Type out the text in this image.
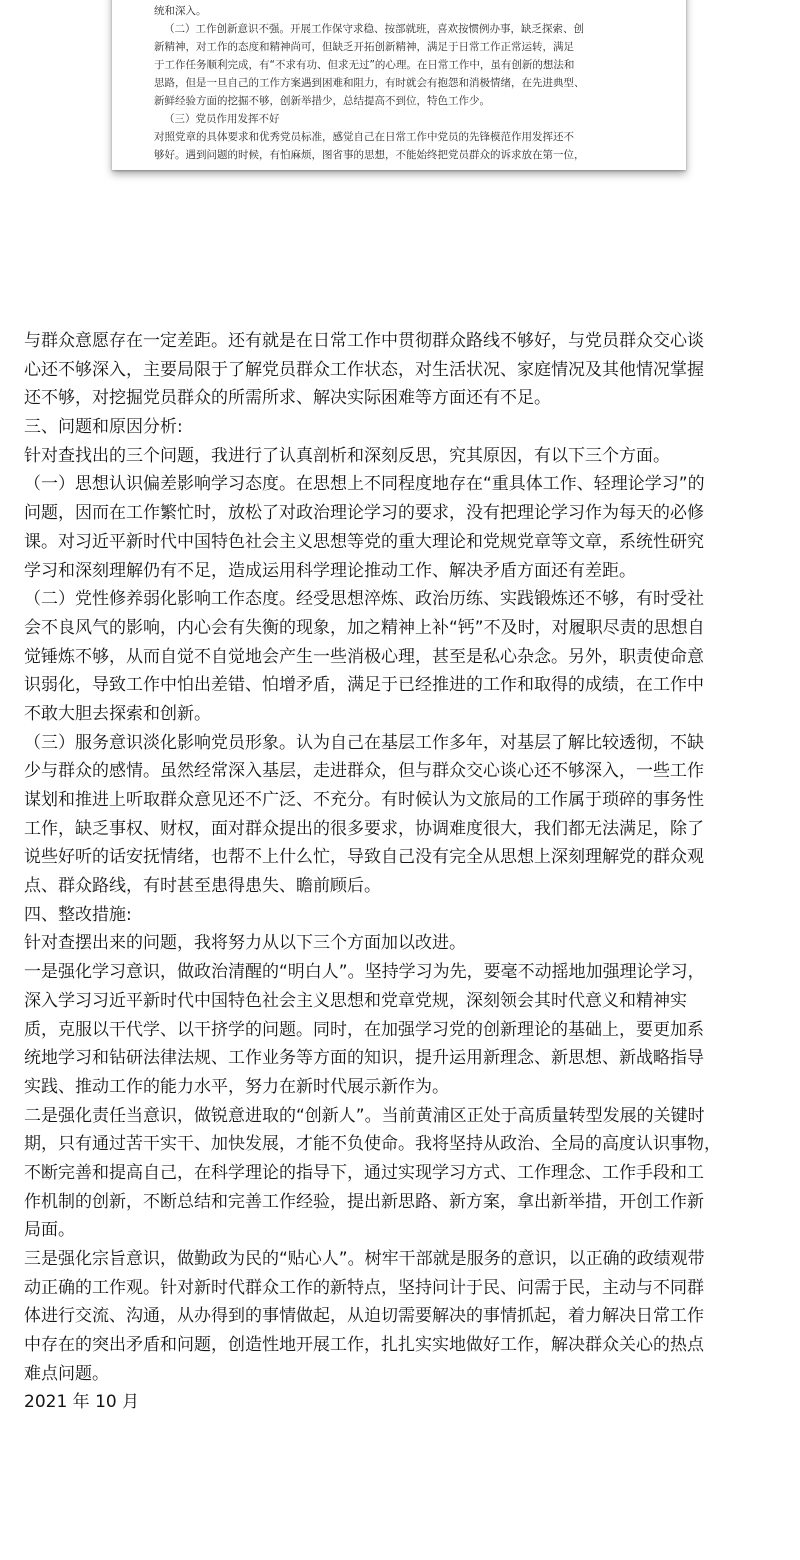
统和深入。
（二）工作创新意识不强。开展工作保守求稳、按部就班，喜欢按惯例办事，缺乏探索、创
新精神，对工作的态度和精神尚可，但缺乏开拓创新精神，满足于日常工作正常运转，满足
于工作任务顺利完成，有“不求有功、但求无过”的心理。在日常工作中，虽有创新的想法和
思路，但是一旦自己的工作方案遇到困难和阻力，有时就会有抱怨和消极情绪，在先进典型、
新鲜经验方面的挖掘不够，创新举措少，总结提高不到位，特色工作少。
（三）党员作用发挥不好
对照党章的具体要求和优秀党员标准，感觉自己在日常工作中党员的先锋模范作用发挥还不
够好。遇到问题的时候，有怕麻烦，图省事的思想，不能始终把党员群众的诉求放在第一位，
与群众意愿存在一定差距。还有就是在日常工作中贯彻群众路线不够好，与党员群众交心谈
心还不够深入，主要局限于了解党员群众工作状态，对生活状况、家庭情况及其他情况掌握
还不够，对挖掘党员群众的所需所求、解决实际困难等方面还有不足。
三、问题和原因分析:
针对查找出的三个问题，我进行了认真剖析和深刻反思，究其原因，有以下三个方面。
（一）思想认识偏差影响学习态度。在思想上不同程度地存在“重具体工作、轻理论学习”的
问题，因而在工作繁忙时，放松了对政治理论学习的要求，没有把理论学习作为每天的必修
课。对习近平新时代中国特色社会主义思想等党的重大理论和党规党章等文章，系统性研究
学习和深刻理解仍有不足，造成运用科学理论推动工作、解决矛盾方面还有差距。
（二）党性修养弱化影响工作态度。经受思想淬炼、政治历练、实践锻炼还不够，有时受社
会不良风气的影响，内心会有失衡的现象，加之精神上补“钙”不及时，对履职尽责的思想自
觉锤炼不够，从而自觉不自觉地会产生一些消极心理，甚至是私心杂念。另外，职责使命意
识弱化，导致工作中怕出差错、怕增矛盾，满足于已经推进的工作和取得的成绩，在工作中
不敢大胆去探索和创新。
（三）服务意识淡化影响党员形象。认为自己在基层工作多年，对基层了解比较透彻，不缺
少与群众的感情。虽然经常深入基层，走进群众，但与群众交心谈心还不够深入，一些工作
谋划和推进上听取群众意见还不广泛、不充分。有时候认为文旅局的工作属于琐碎的事务性
工作，缺乏事权、财权，面对群众提出的很多要求，协调难度很大，我们都无法满足，除了
说些好听的话安抚情绪，也帮不上什么忙，导致自己没有完全从思想上深刻理解党的群众观
点、群众路线，有时甚至患得患失、瞻前顾后。
四、整改措施:
针对查摆出来的问题，我将努力从以下三个方面加以改进。
一是强化学习意识，做政治清醒的“明白人”。坚持学习为先，要毫不动摇地加强理论学习，
深入学习习近平新时代中国特色社会主义思想和党章党规，深刻领会其时代意义和精神实
质，克服以干代学、以干挤学的问题。同时，在加强学习党的创新理论的基础上，要更加系
统地学习和钻研法律法规、工作业务等方面的知识，提升运用新理念、新思想、新战略指导
实践、推动工作的能力水平，努力在新时代展示新作为。
二是强化责任当意识，做锐意进取的“创新人”。当前黄浦区正处于高质量转型发展的关键时
期，只有通过苦干实干、加快发展，才能不负使命。我将坚持从政治、全局的高度认识事物，
不断完善和提高自己，在科学理论的指导下，通过实现学习方式、工作理念、工作手段和工
作机制的创新，不断总结和完善工作经验，提出新思路、新方案，拿出新举措，开创工作新
局面。
三是强化宗旨意识，做勤政为民的“贴心人”。树牢干部就是服务的意识，以正确的政绩观带
动正确的工作观。针对新时代群众工作的新特点，坚持问计于民、问需于民，主动与不同群
体进行交流、沟通，从办得到的事情做起，从迫切需要解决的事情抓起，着力解决日常工作
中存在的突出矛盾和问题，创造性地开展工作，扎扎实实地做好工作，解决群众关心的热点
难点问题。
2021 年 10 月
